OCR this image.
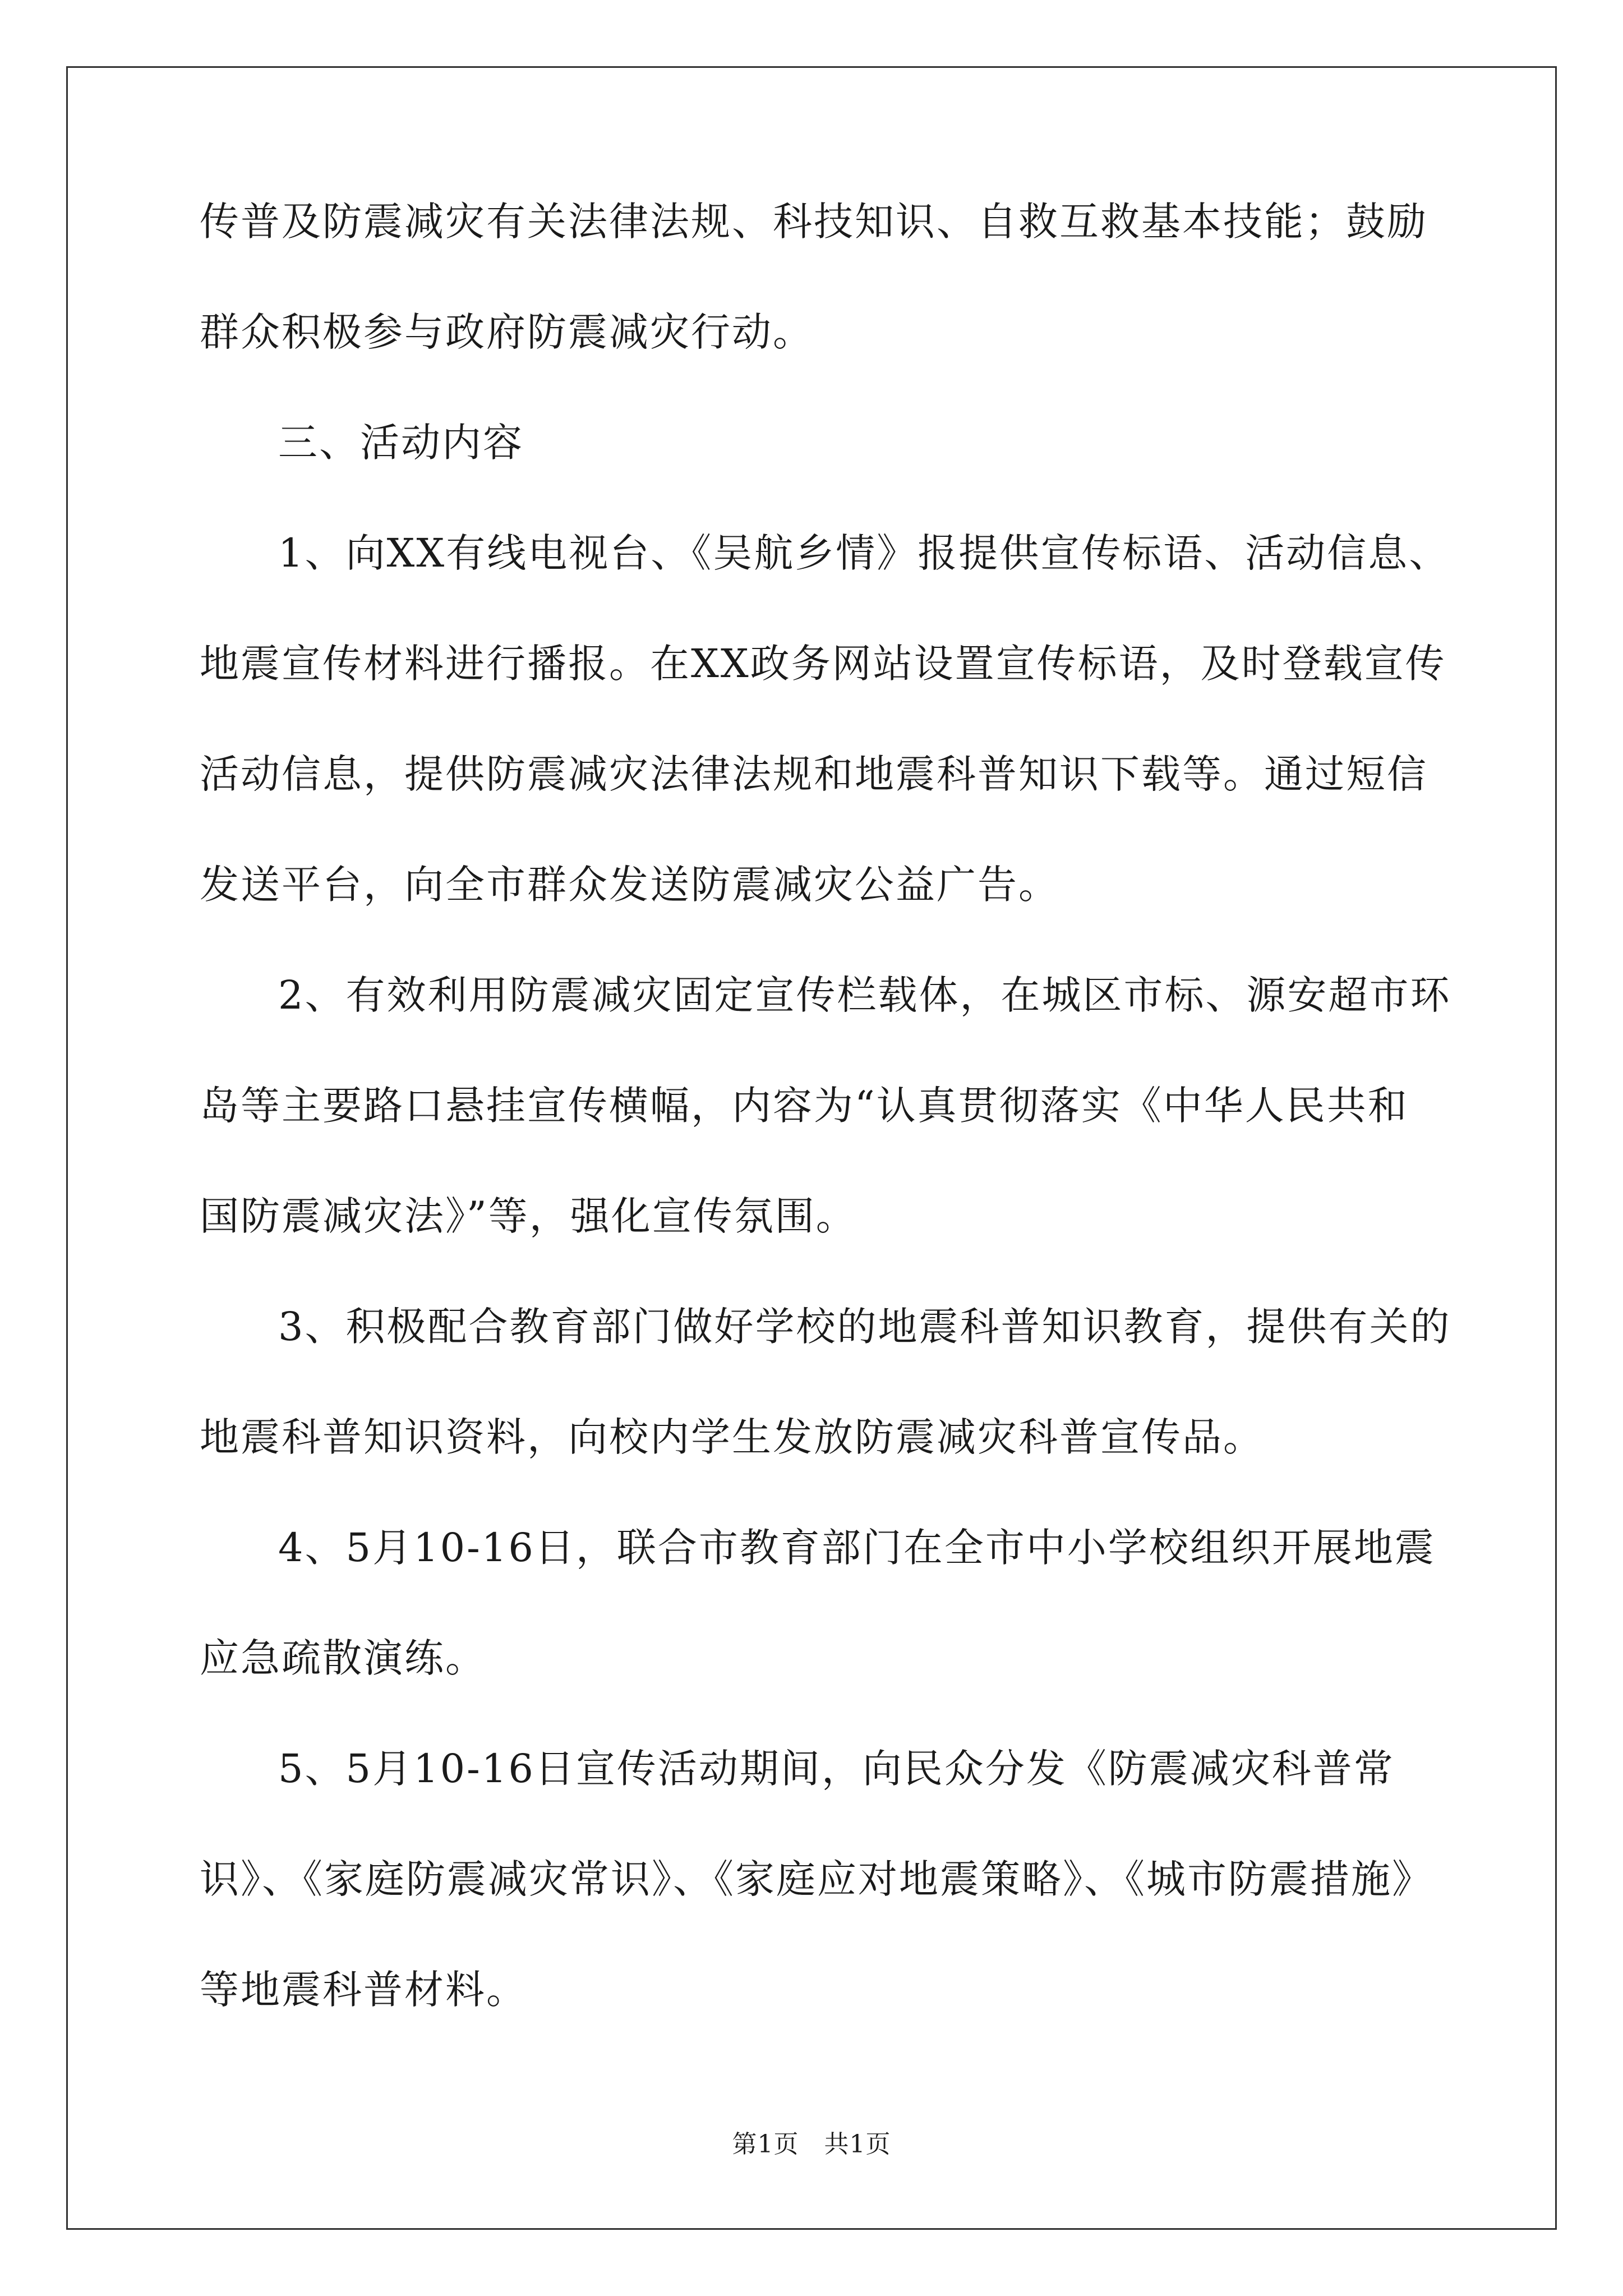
传普及防震减灾有关法律法规、科技知识、自救互救基本技能；鼓励

群众积极参与政府防震减灾行动。

三、活动内容

1、向XX有线电视台、《吴航乡情》报提供宣传标语、活动信息、

地震宣传材料进行播报。在XX政务网站设置宣传标语，及时登载宣传

活动信息，提供防震减灾法律法规和地震科普知识下载等。通过短信

发送平台，向全市群众发送防震减灾公益广告。

2、有效利用防震减灾固定宣传栏载体，在城区市标、源安超市环

岛等主要路口悬挂宣传横幅，内容为“认真贯彻落实《中华人民共和

国防震减灾法》”等，强化宣传氛围。

3、积极配合教育部门做好学校的地震科普知识教育，提供有关的

地震科普知识资料，向校内学生发放防震减灾科普宣传品。

4、5月10-16日，联合市教育部门在全市中小学校组织开展地震

应急疏散演练。

5、5月10-16日宣传活动期间，向民众分发《防震减灾科普常

识》、《家庭防震减灾常识》、《家庭应对地震策略》、《城市防震措施》

等地震科普材料。

第1页   共1页
